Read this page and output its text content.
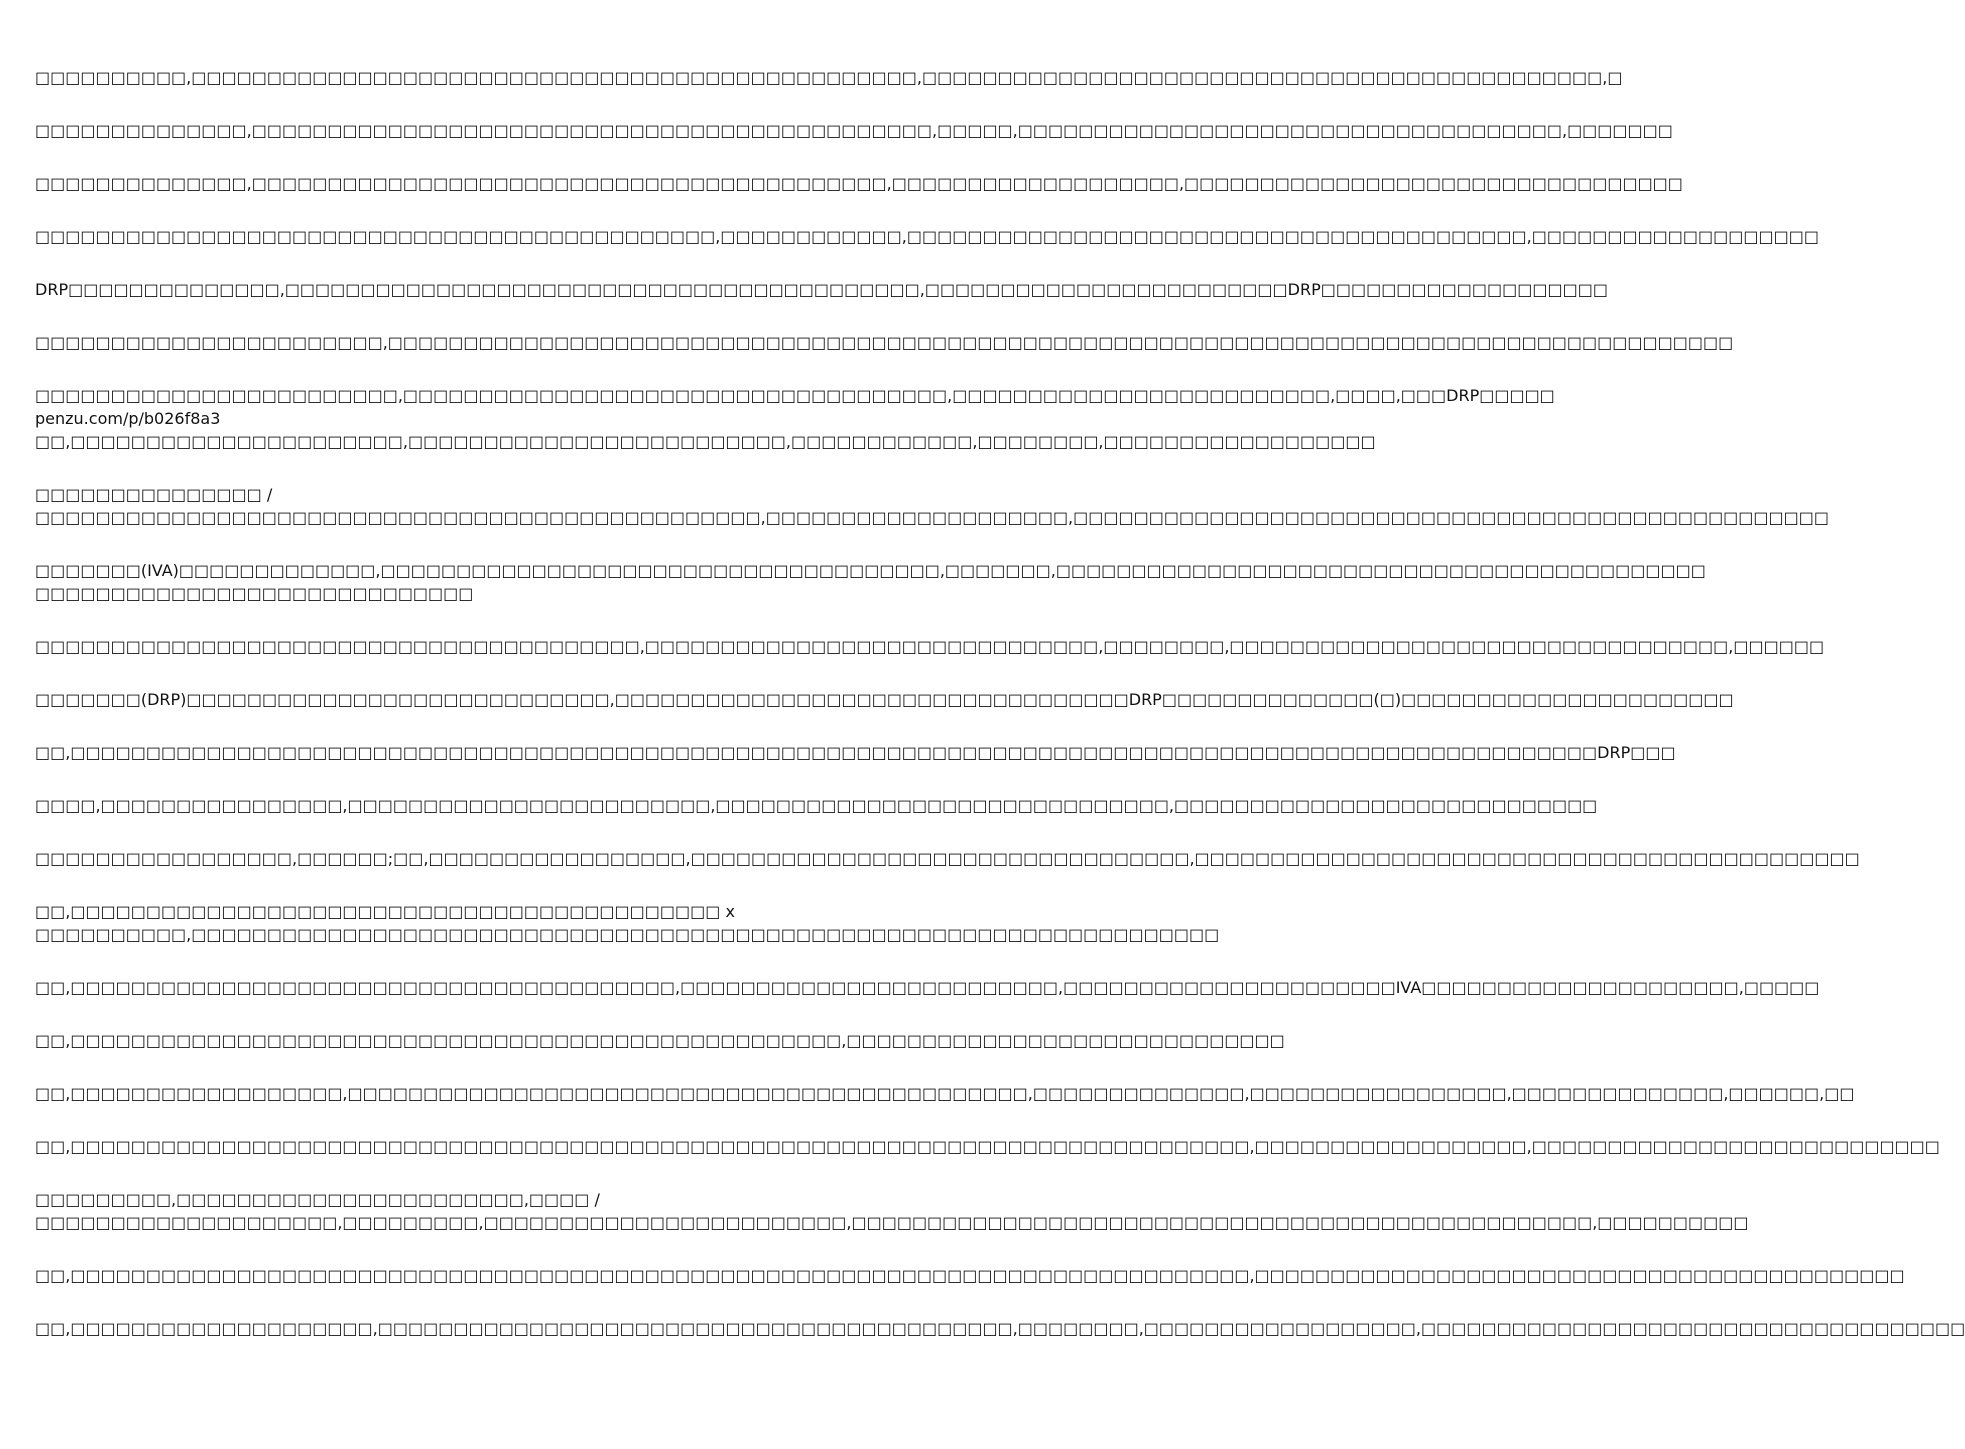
□□□□□□□□□□,□□□□□□□□□□□□□□□□□□□□□□□□□□□□□□□□□□□□□□□□□□□□□□□□,□□□□□□□□□□□□□□□□□□□□□□□□□□□□□□□□□□□□□□□□□□□□□,□
□□□□□□□□□□□□□□,□□□□□□□□□□□□□□□□□□□□□□□□□□□□□□□□□□□□□□□□□□□□□,□□□□□,□□□□□□□□□□□□□□□□□□□□□□□□□□□□□□□□□□□□,□□□□□□□
□□□□□□□□□□□□□□,□□□□□□□□□□□□□□□□□□□□□□□□□□□□□□□□□□□□□□□□□□,□□□□□□□□□□□□□□□□□□□,□□□□□□□□□□□□□□□□□□□□□□□□□□□□□□□□□
□□□□□□□□□□□□□□□□□□□□□□□□□□□□□□□□□□□□□□□□□□□□□,□□□□□□□□□□□□,□□□□□□□□□□□□□□□□□□□□□□□□□□□□□□□□□□□□□□□□□,□□□□□□□□□□□□□□□□□□□
DRP□□□□□□□□□□□□□□,□□□□□□□□□□□□□□□□□□□□□□□□□□□□□□□□□□□□□□□□□□,□□□□□□□□□□□□□□□□□□□□□□□□DRP□□□□□□□□□□□□□□□□□□□
□□□□□□□□□□□□□□□□□□□□□□□,□□□□□□□□□□□□□□□□□□□□□□□□□□□□□□□□□□□□□□□□□□□□□□□□□□□□□□□□□□□□□□□□□□□□□□□□□□□□□□□□□□□□□□□□□
□□□□□□□□□□□□□□□□□□□□□□□□,□□□□□□□□□□□□□□□□□□□□□□□□□□□□□□□□□□□□,□□□□□□□□□□□□□□□□□□□□□□□□□,□□□□,□□□DRP□□□□□
penzu.com/p/b026f8a3
□□,□□□□□□□□□□□□□□□□□□□□□□,□□□□□□□□□□□□□□□□□□□□□□□□□,□□□□□□□□□□□□,□□□□□□□□,□□□□□□□□□□□□□□□□□□
□□□□□□□□□□□□□□□ /
□□□□□□□□□□□□□□□□□□□□□□□□□□□□□□□□□□□□□□□□□□□□□□□□,□□□□□□□□□□□□□□□□□□□□,□□□□□□□□□□□□□□□□□□□□□□□□□□□□□□□□□□□□□□□□□□□□□□□□□□
□□□□□□□(IVA)□□□□□□□□□□□□□,□□□□□□□□□□□□□□□□□□□□□□□□□□□□□□□□□□□□□,□□□□□□□,□□□□□□□□□□□□□□□□□□□□□□□□□□□□□□□□□□□□□□□□□□□
□□□□□□□□□□□□□□□□□□□□□□□□□□□□□
□□□□□□□□□□□□□□□□□□□□□□□□□□□□□□□□□□□□□□□□,□□□□□□□□□□□□□□□□□□□□□□□□□□□□□□,□□□□□□□□,□□□□□□□□□□□□□□□□□□□□□□□□□□□□□□□□□,□□□□□□
□□□□□□□(DRP)□□□□□□□□□□□□□□□□□□□□□□□□□□□□,□□□□□□□□□□□□□□□□□□□□□□□□□□□□□□□□□□DRP□□□□□□□□□□□□□□(□)□□□□□□□□□□□□□□□□□□□□□□
□□,□□□□□□□□□□□□□□□□□□□□□□□□□□□□□□□□□□□□□□□□□□□□□□□□□□□□□□□□□□□□□□□□□□□□□□□□□□□□□□□□□□□□□□□□□□□□□□□□□□□□□DRP□□□
□□□□,□□□□□□□□□□□□□□□□,□□□□□□□□□□□□□□□□□□□□□□□□,□□□□□□□□□□□□□□□□□□□□□□□□□□□□□□,□□□□□□□□□□□□□□□□□□□□□□□□□□□□
□□□□□□□□□□□□□□□□□,□□□□□□;□□,□□□□□□□□□□□□□□□□□,□□□□□□□□□□□□□□□□□□□□□□□□□□□□□□□□□,□□□□□□□□□□□□□□□□□□□□□□□□□□□□□□□□□□□□□□□□□□□□
□□,□□□□□□□□□□□□□□□□□□□□□□□□□□□□□□□□□□□□□□□□□□□ x
□□□□□□□□□□,□□□□□□□□□□□□□□□□□□□□□□□□□□□□□□□□□□□□□□□□□□□□□□□□□□□□□□□□□□□□□□□□□□□□
□□,□□□□□□□□□□□□□□□□□□□□□□□□□□□□□□□□□□□□□□□□,□□□□□□□□□□□□□□□□□□□□□□□□□,□□□□□□□□□□□□□□□□□□□□□□IVA□□□□□□□□□□□□□□□□□□□□□,□□□□□
□□,□□□□□□□□□□□□□□□□□□□□□□□□□□□□□□□□□□□□□□□□□□□□□□□□□□□,□□□□□□□□□□□□□□□□□□□□□□□□□□□□□
□□,□□□□□□□□□□□□□□□□□□,□□□□□□□□□□□□□□□□□□□□□□□□□□□□□□□□□□□□□□□□□□□□□,□□□□□□□□□□□□□□,□□□□□□□□□□□□□□□□□,□□□□□□□□□□□□□□,□□□□□□,□□
□□,□□□□□□□□□□□□□□□□□□□□□□□□□□□□□□□□□□□□□□□□□□□□□□□□□□□□□□□□□□□□□□□□□□□□□□□□□□□□□□,□□□□□□□□□□□□□□□□□□,□□□□□□□□□□□□□□□□□□□□□□□□□□□
□□□□□□□□□,□□□□□□□□□□□□□□□□□□□□□□□,□□□□ /
□□□□□□□□□□□□□□□□□□□□,□□□□□□□□□,□□□□□□□□□□□□□□□□□□□□□□□□,□□□□□□□□□□□□□□□□□□□□□□□□□□□□□□□□□□□□□□□□□□□□□□□□□,□□□□□□□□□□
□□,□□□□□□□□□□□□□□□□□□□□□□□□□□□□□□□□□□□□□□□□□□□□□□□□□□□□□□□□□□□□□□□□□□□□□□□□□□□□□□,□□□□□□□□□□□□□□□□□□□□□□□□□□□□□□□□□□□□□□□□□□□
□□,□□□□□□□□□□□□□□□□□□□□,□□□□□□□□□□□□□□□□□□□□□□□□□□□□□□□□□□□□□□□□□□,□□□□□□□□,□□□□□□□□□□□□□□□□□□,□□□□□□□□□□□□□□□□□□□□□□□□□□□□□□□□□□□□
